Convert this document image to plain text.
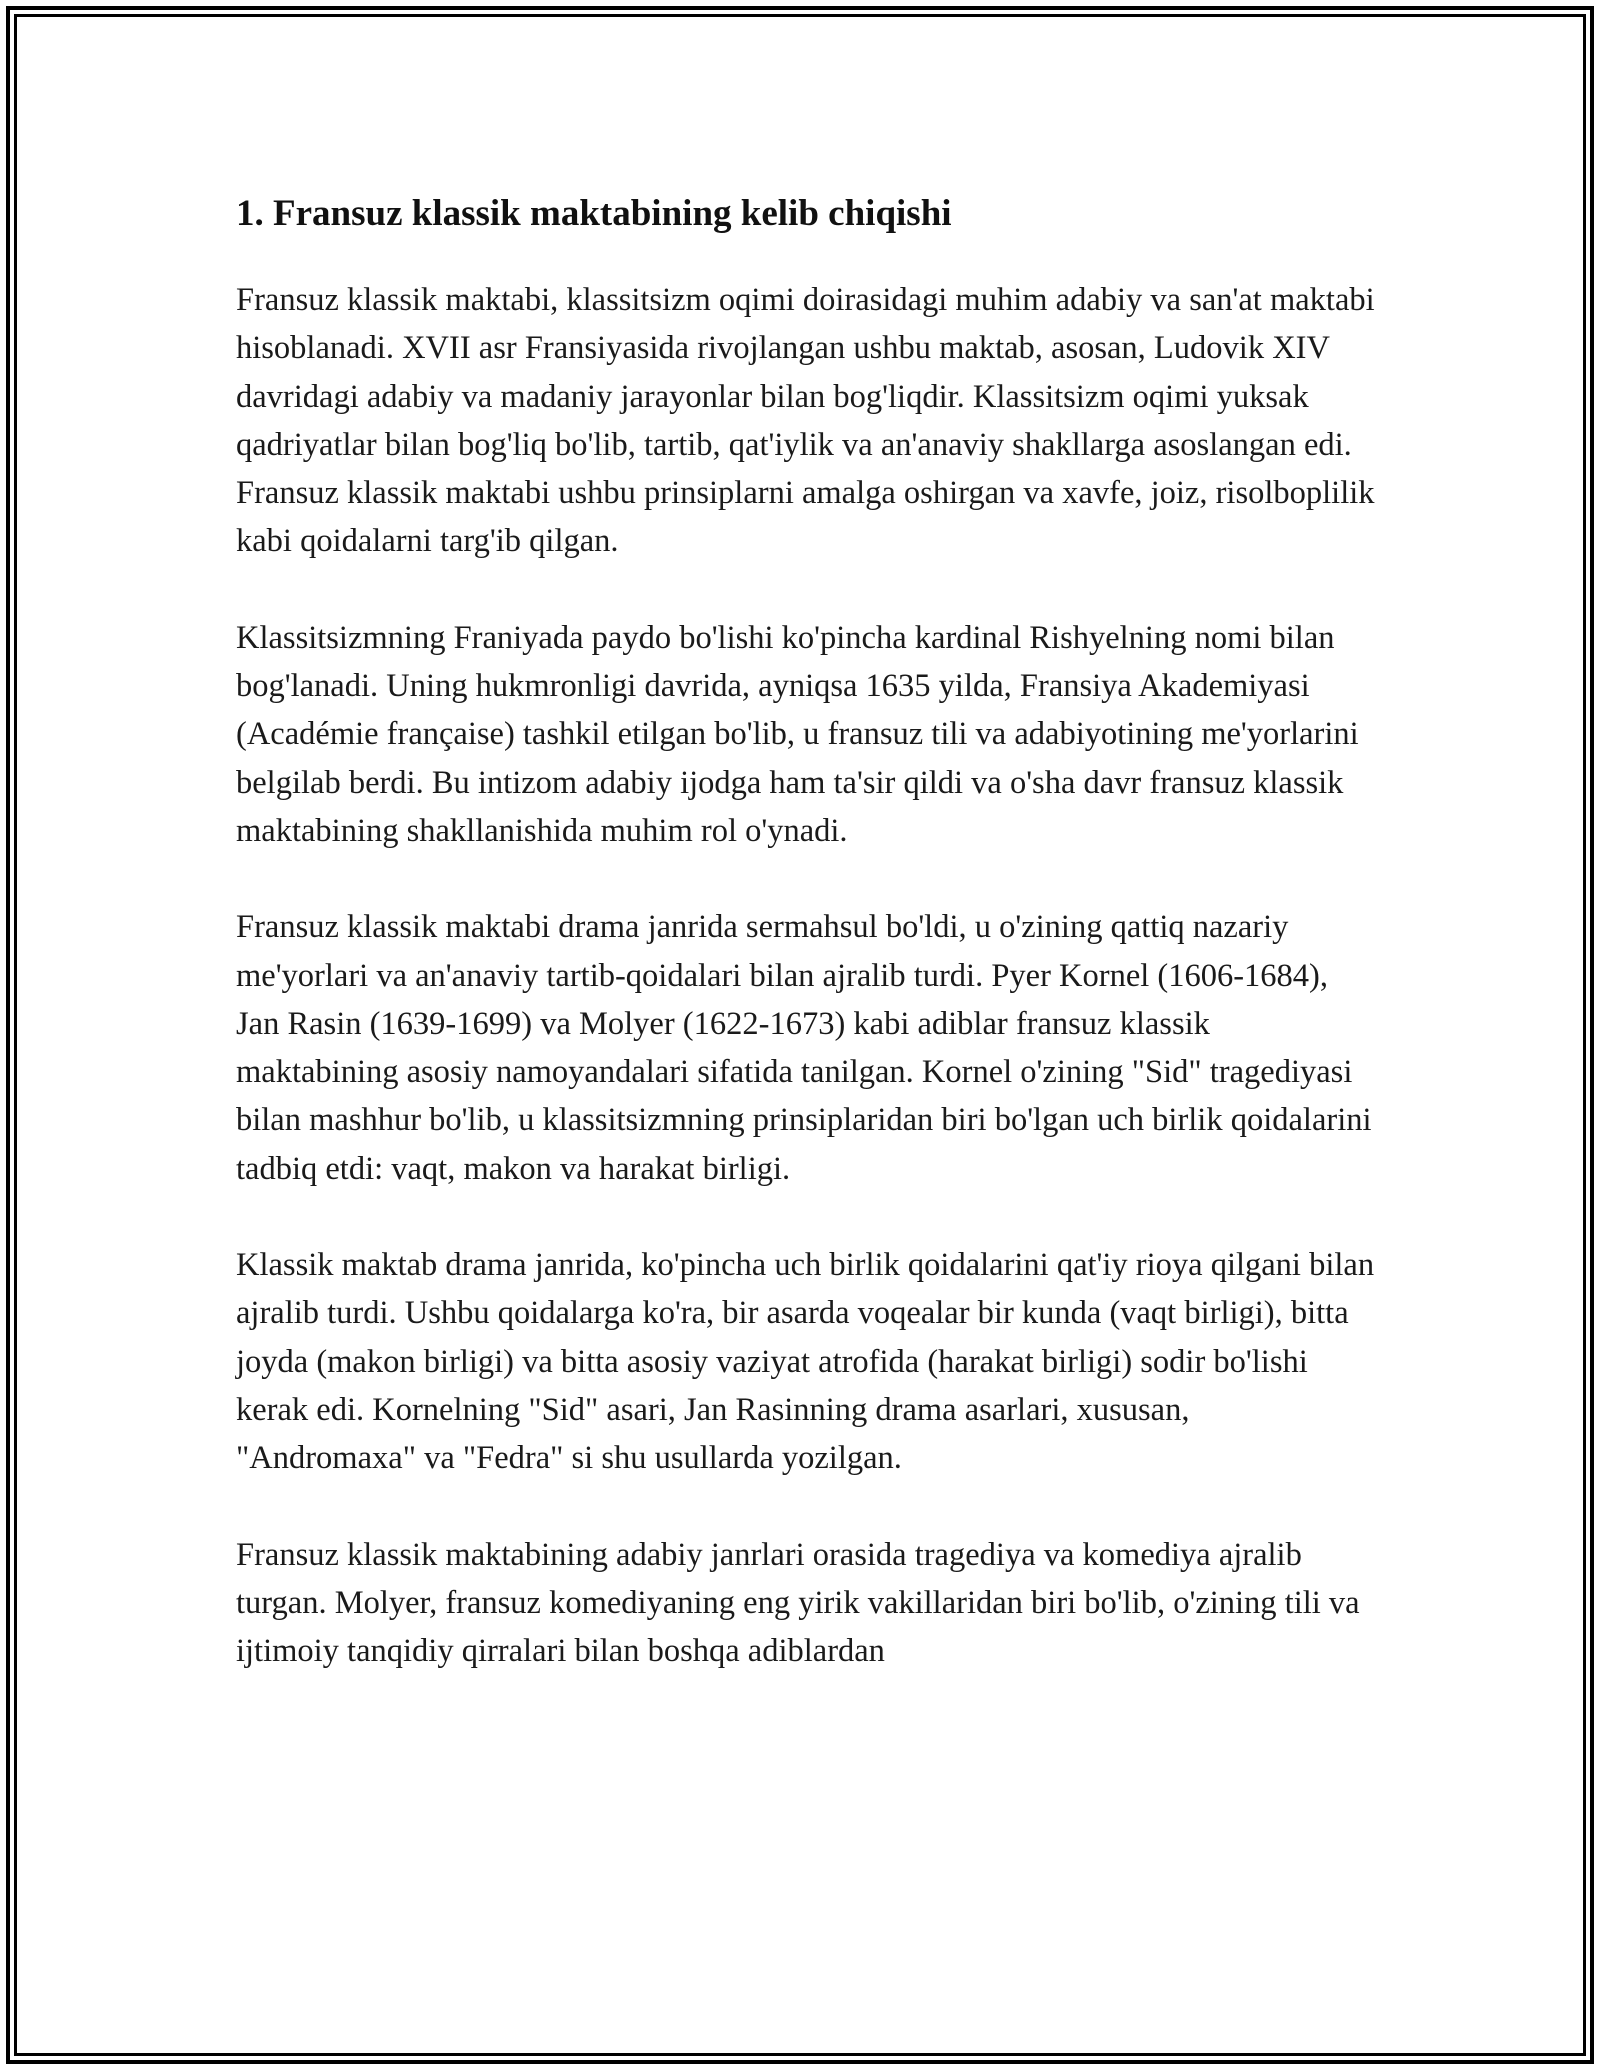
1. Fransuz klassik maktabining kelib chiqishi

Fransuz klassik maktabi, klassitsizm oqimi doirasidagi muhim adabiy va san'at maktabi hisoblanadi. XVII asr Fransiyasida rivojlangan ushbu maktab, asosan, Ludovik XIV davridagi adabiy va madaniy jarayonlar bilan bog'liqdir. Klassitsizm oqimi yuksak qadriyatlar bilan bog'liq bo'lib, tartib, qat'iylik va an'anaviy shakllarga asoslangan edi. Fransuz klassik maktabi ushbu prinsiplarni amalga oshirgan va xavfe, joiz, risolboplilik kabi qoidalarni targ'ib qilgan.

Klassitsizmning Franiyada paydo bo'lishi ko'pincha kardinal Rishyelning nomi bilan bog'lanadi. Uning hukmronligi davrida, ayniqsa 1635 yilda, Fransiya Akademiyasi (Académie française) tashkil etilgan bo'lib, u fransuz tili va adabiyotining me'yorlarini belgilab berdi. Bu intizom adabiy ijodga ham ta'sir qildi va o'sha davr fransuz klassik maktabining shakllanishida muhim rol o'ynadi.

Fransuz klassik maktabi drama janrida sermahsul bo'ldi, u o'zining qattiq nazariy me'yorlari va an'anaviy tartib-qoidalari bilan ajralib turdi. Pyer Kornel (1606-1684), Jan Rasin (1639-1699) va Molyer (1622-1673) kabi adiblar fransuz klassik maktabining asosiy namoyandalari sifatida tanilgan. Kornel o'zining "Sid" tragediyasi bilan mashhur bo'lib, u klassitsizmning prinsiplaridan biri bo'lgan uch birlik qoidalarini tadbiq etdi: vaqt, makon va harakat birligi.

Klassik maktab drama janrida, ko'pincha uch birlik qoidalarini qat'iy rioya qilgani bilan ajralib turdi. Ushbu qoidalarga ko'ra, bir asarda voqealar bir kunda (vaqt birligi), bitta joyda (makon birligi) va bitta asosiy vaziyat atrofida (harakat birligi) sodir bo'lishi kerak edi. Kornelning "Sid" asari, Jan Rasinning drama asarlari, xususan, "Andromaxa" va "Fedra" si shu usullarda yozilgan.

Fransuz klassik maktabining adabiy janrlari orasida tragediya va komediya ajralib turgan. Molyer, fransuz komediyaning eng yirik vakillaridan biri bo'lib, o'zining tili va ijtimoiy tanqidiy qirralari bilan boshqa adiblardan
